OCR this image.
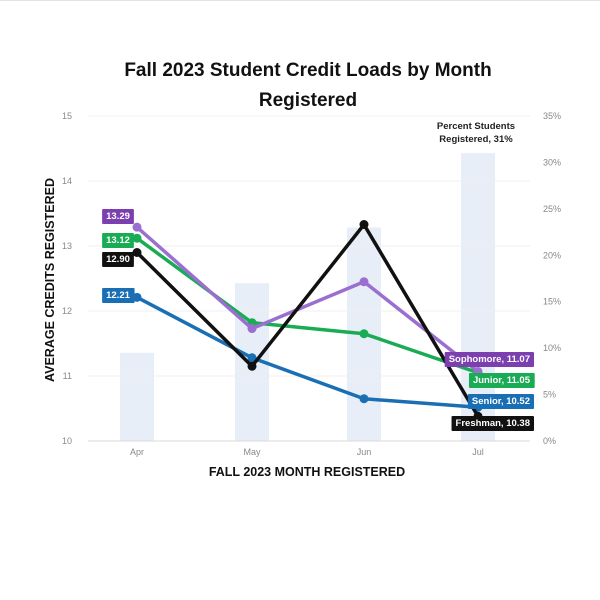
Fall 2023 Student Credit Loads by Month
Registered
Percent Students
Registered, 31%
10
11
12
13
14
15
0%
5%
10%
15%
20%
25%
30%
35%
Apr	May	Jun	Jul
FALL 2023 MONTH REGISTERED
AVERAGE CREDITS REGISTERED	12.90
Freshman, 10.38
13.29
Sophomore, 11.07
13.12
Junior, 11.05
12.21
Senior, 10.52
